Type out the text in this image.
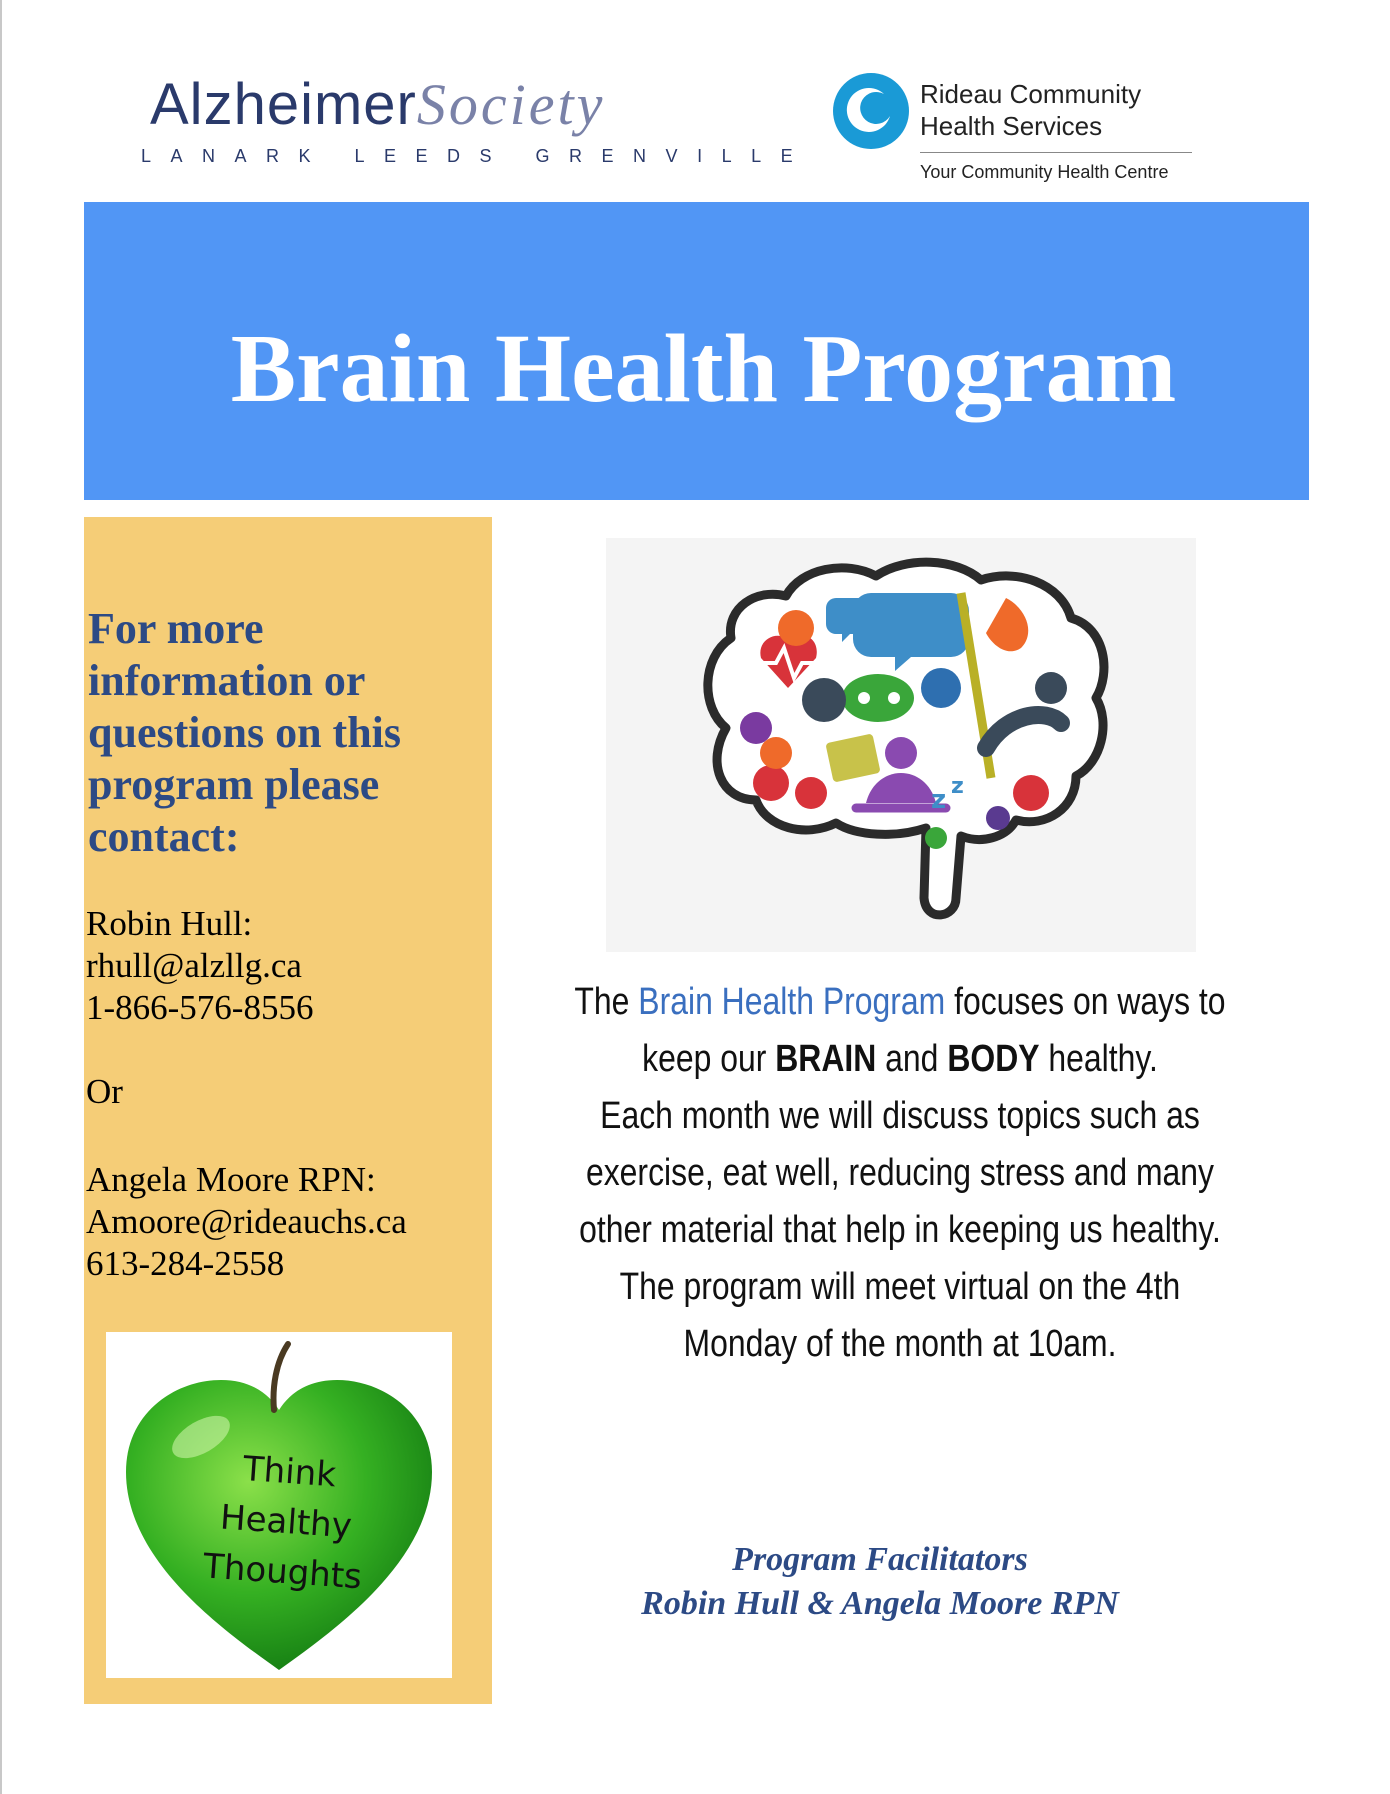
AlzheimerSociety
LANARK LEEDS GRENVILLE
Rideau Community
Health Services
Your Community Health Centre
Brain Health Program
For more information or questions on this program please contact:
Robin Hull:
rhull@alzllg.ca
1-866-576-8556
Or
Angela Moore RPN:
Amoore@rideauchs.ca
613-284-2558
Think
Healthy
Thoughts
z z
The Brain Health Program focuses on ways to keep our BRAIN and BODY healthy.
Each month we will discuss topics such as exercise, eat well, reducing stress and many other material that help in keeping us healthy.
The program will meet virtual on the 4th Monday of the month at 10am.
Program Facilitators
Robin Hull & Angela Moore RPN
